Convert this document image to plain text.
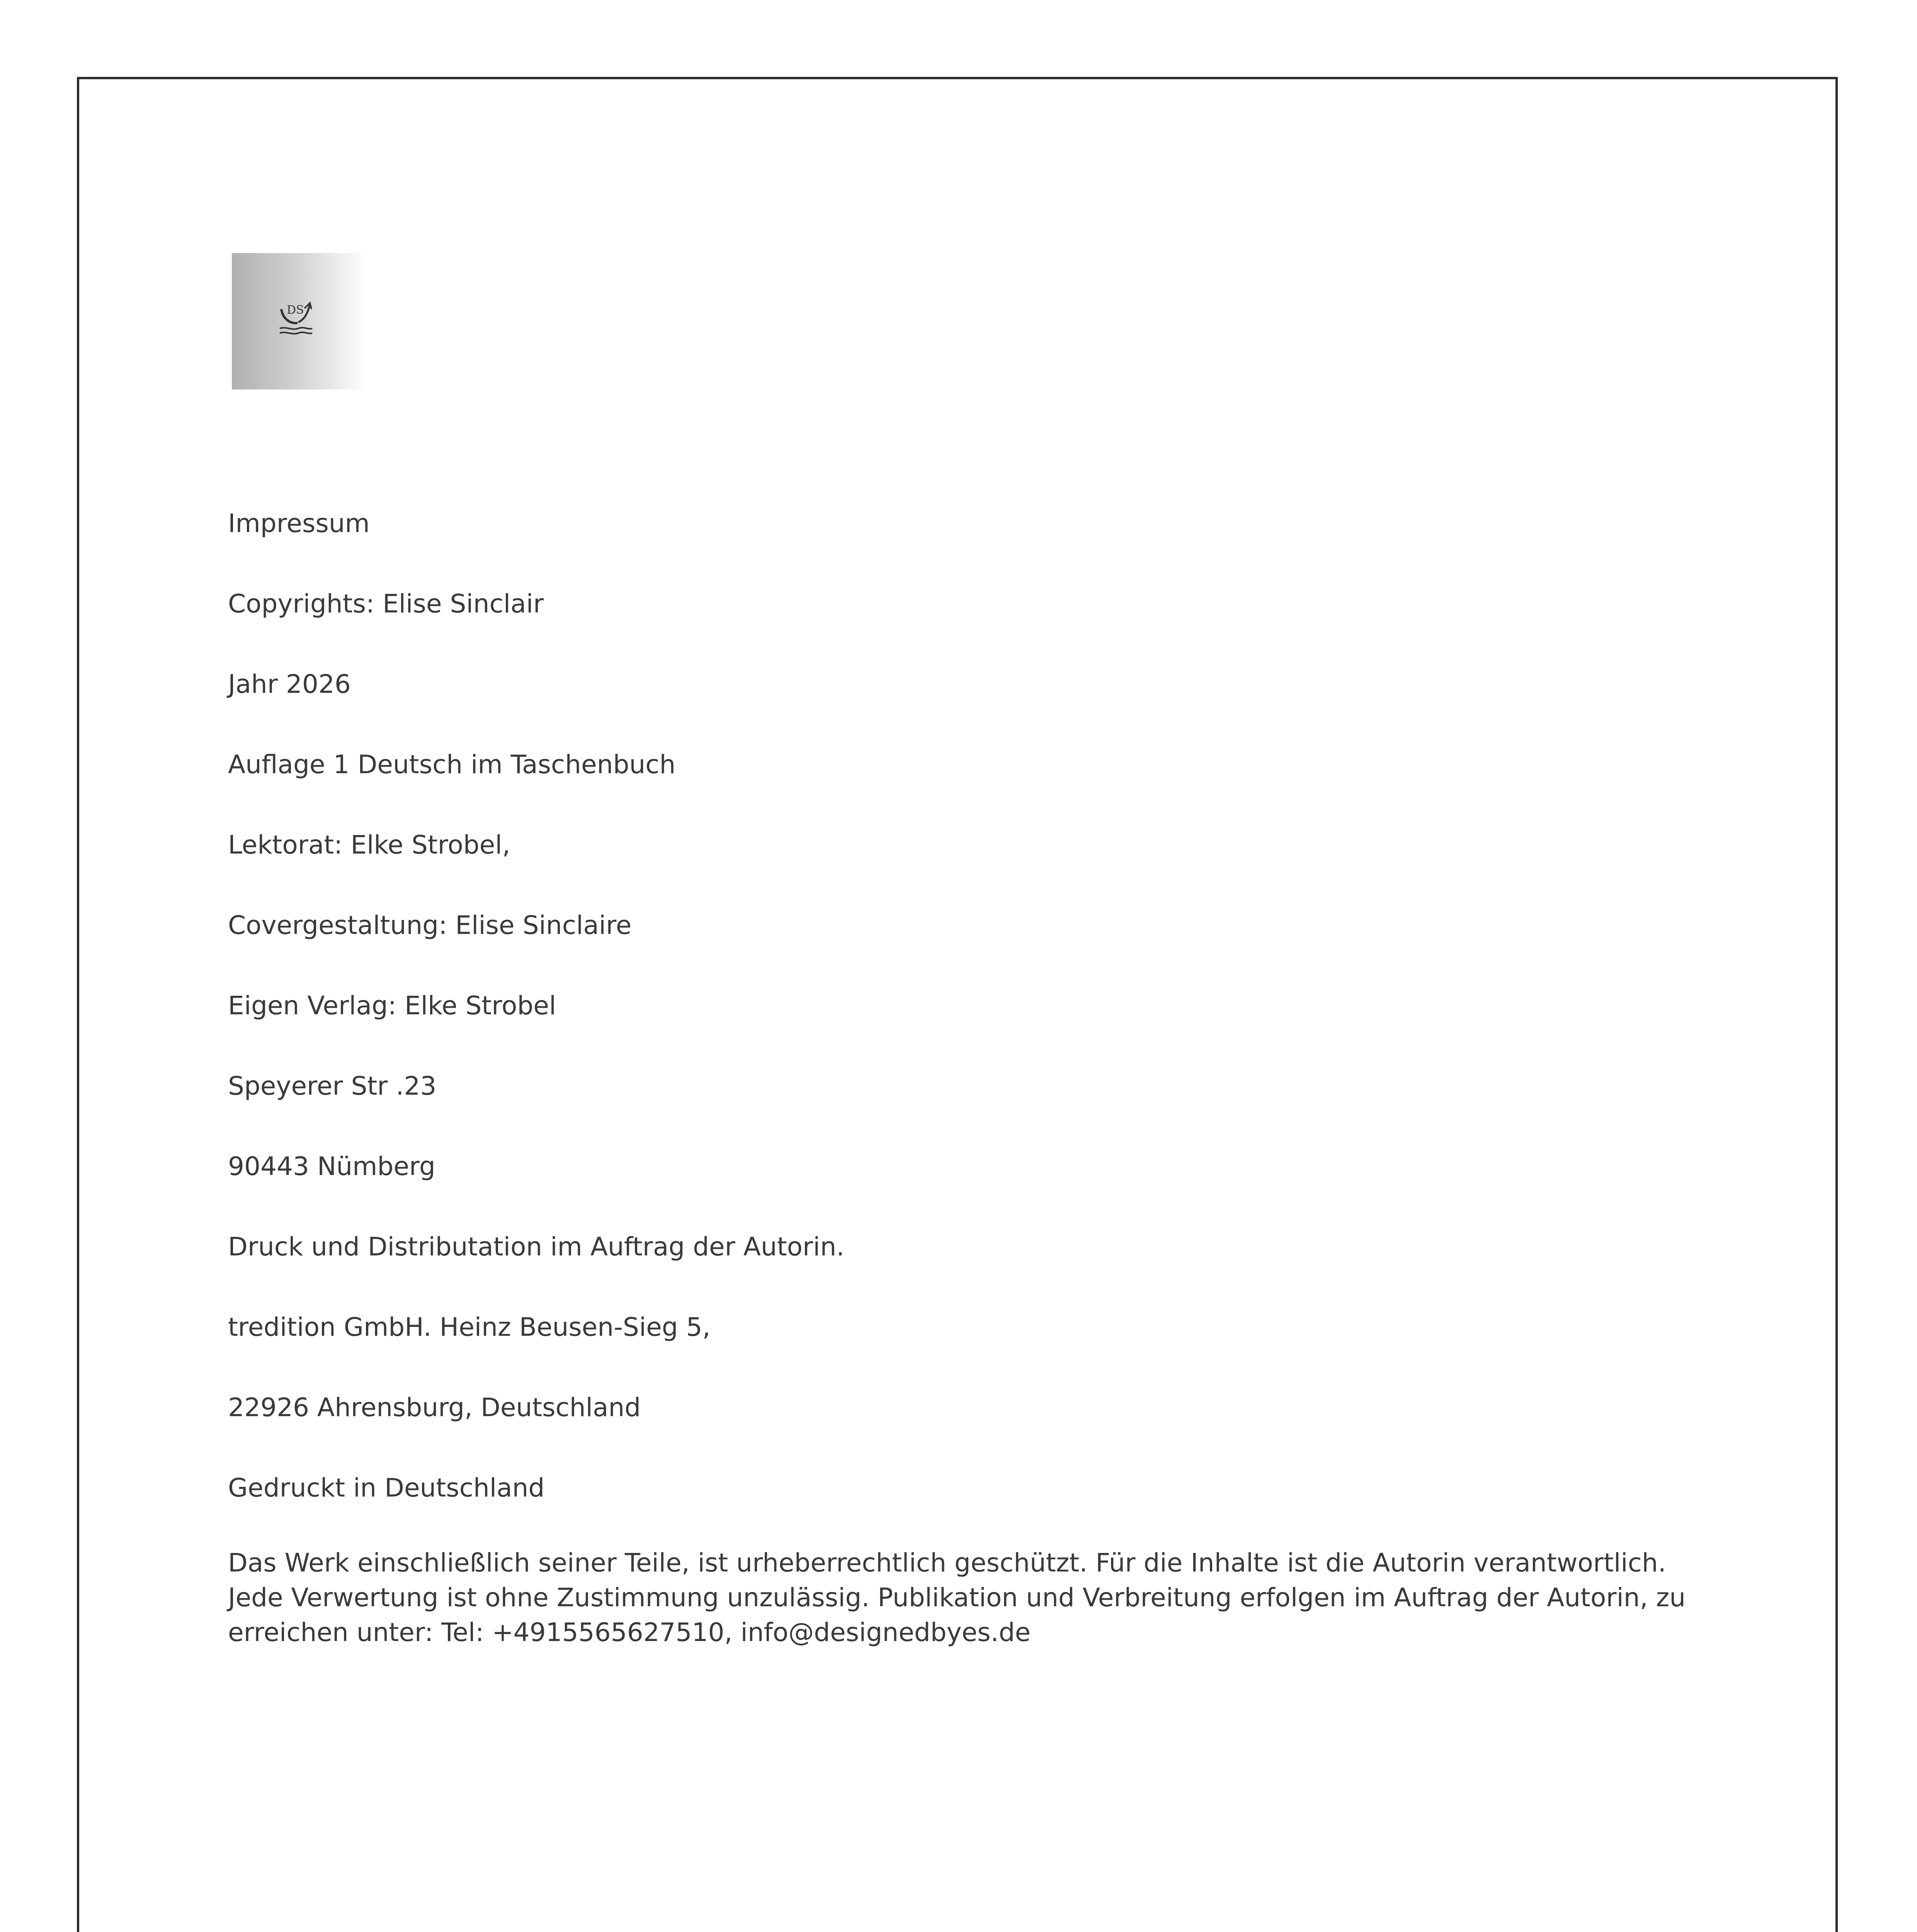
DS
Impressum
Copyrights: Elise Sinclair
Jahr 2026
Auflage 1 Deutsch im Taschenbuch
Lektorat: Elke Strobel,
Covergestaltung: Elise Sinclaire
Eigen Verlag: Elke Strobel
Speyerer Str .23
90443 Nümberg
Druck und Distributation im Auftrag der Autorin.
tredition GmbH. Heinz Beusen-Sieg 5,
22926 Ahrensburg, Deutschland
Gedruckt in Deutschland
Das Werk einschließlich seiner Teile, ist urheberrechtlich geschützt. Für die Inhalte ist die Autorin verantwortlich. Jede Verwertung ist ohne Zustimmung unzulässig. Publikation und Verbreitung erfolgen im Auftrag der Autorin, zu erreichen unter: Tel: +4915565627510, info@designedbyes.de
